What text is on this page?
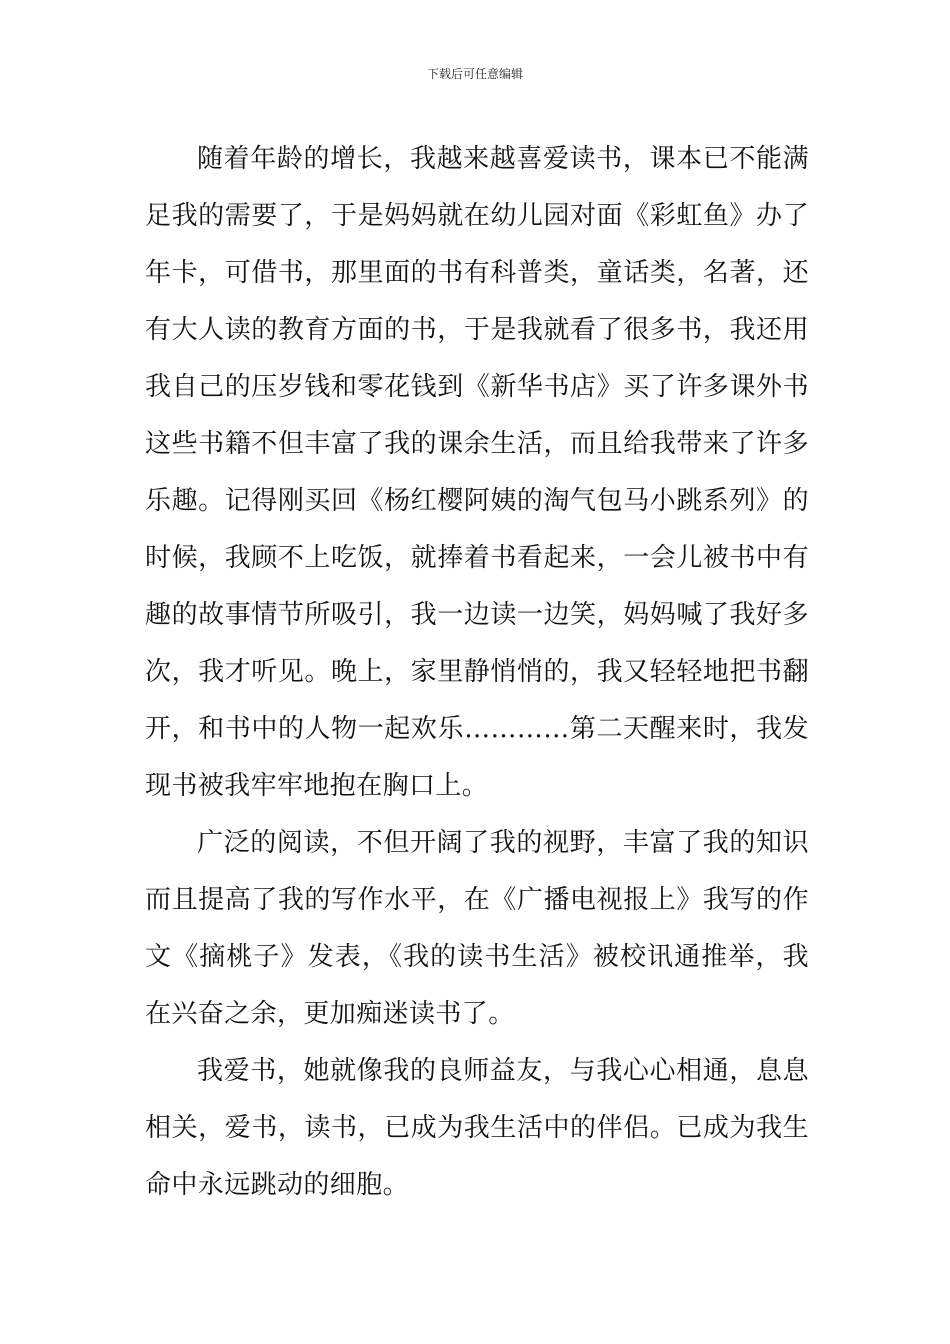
下载后可任意编辑

随着年龄的增长，我越来越喜爱读书，课本已不能满足我的需要了，于是妈妈就在幼儿园对面《彩虹鱼》办了年卡，可借书，那里面的书有科普类，童话类，名著，还有大人读的教育方面的书，于是我就看了很多书，我还用我自己的压岁钱和零花钱到《新华书店》买了许多课外书这些书籍不但丰富了我的课余生活，而且给我带来了许多乐趣。记得刚买回《杨红樱阿姨的淘气包马小跳系列》的时候，我顾不上吃饭，就捧着书看起来，一会儿被书中有趣的故事情节所吸引，我一边读一边笑，妈妈喊了我好多次，我才听见。晚上，家里静悄悄的，我又轻轻地把书翻开，和书中的人物一起欢乐…………第二天醒来时，我发现书被我牢牢地抱在胸口上。

广泛的阅读，不但开阔了我的视野，丰富了我的知识而且提高了我的写作水平，在《广播电视报上》我写的作文《摘桃子》发表，《我的读书生活》被校讯通推举，我在兴奋之余，更加痴迷读书了。

我爱书，她就像我的良师益友，与我心心相通，息息相关，爱书，读书，已成为我生活中的伴侣。已成为我生命中永远跳动的细胞。
